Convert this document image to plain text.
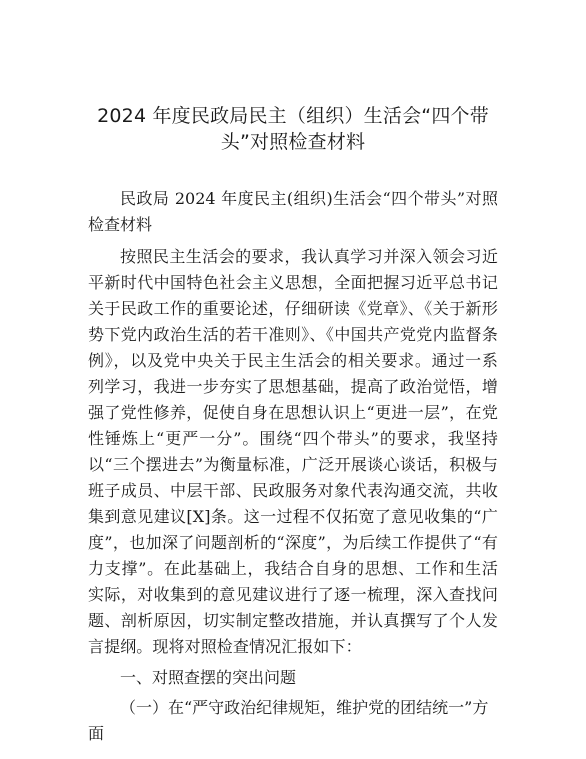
2024 年度民政局民主（组织）生活会“四个带
头”对照检查材料

民政局 2024 年度民主(组织)生活会“四个带头”对照检查材料

按照民主生活会的要求，我认真学习并深入领会习近平新时代中国特色社会主义思想，全面把握习近平总书记关于民政工作的重要论述，仔细研读《党章》、《关于新形势下党内政治生活的若干准则》、《中国共产党党内监督条例》，以及党中央关于民主生活会的相关要求。通过一系列学习，我进一步夯实了思想基础，提高了政治觉悟，增强了党性修养，促使自身在思想认识上“更进一层”，在党性锤炼上“更严一分”。围绕“四个带头”的要求，我坚持以“三个摆进去”为衡量标准，广泛开展谈心谈话，积极与班子成员、中层干部、民政服务对象代表沟通交流，共收集到意见建议[X]条。这一过程不仅拓宽了意见收集的“广度”，也加深了问题剖析的“深度”，为后续工作提供了“有力支撑”。在此基础上，我结合自身的思想、工作和生活实际，对收集到的意见建议进行了逐一梳理，深入查找问题、剖析原因，切实制定整改措施，并认真撰写了个人发言提纲。现将对照检查情况汇报如下：

一、对照查摆的突出问题

（一）在“严守政治纪律规矩，维护党的团结统一”方面
